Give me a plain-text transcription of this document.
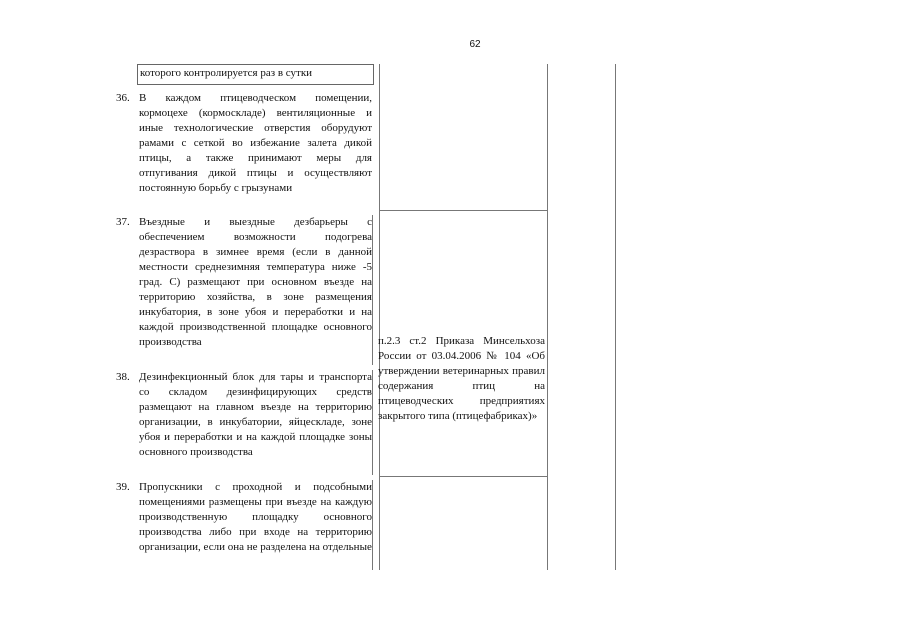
62
которого контролируется раз в сутки
36. В каждом птицеводческом помещении, кормоцехе (кормоскладе) вентиляционные и иные технологические отверстия оборудуют рамами с сеткой во избежание залета дикой птицы, а также принимают меры для отпугивания дикой птицы и осуществляют постоянную борьбу с грызунами
37. Въездные и выездные дезбарьеры с обеспечением возможности подогрева дезраствора в зимнее время (если в данной местности среднезимняя температура ниже -5 град. С) размещают при основном въезде на территорию хозяйства, в зоне размещения инкубатория, в зоне убоя и переработки и на каждой производственной площадке основного производства
38. Дезинфекционный блок для тары и транспорта со складом дезинфицирующих средств размещают на главном въезде на территорию организации, в инкубатории, яйцескладе, зоне убоя и переработки и на каждой площадке зоны основного производства
39. Пропускники с проходной и подсобными помещениями размещены при въезде на каждую производственную площадку основного производства либо при входе на территорию организации, если она не разделена на отдельные
п.2.3 ст.2 Приказа Минсельхоза России от 03.04.2006 № 104 «Об утверждении ветеринарных правил содержания птиц на птицеводческих предприятиях закрытого типа (птицефабриках)»
